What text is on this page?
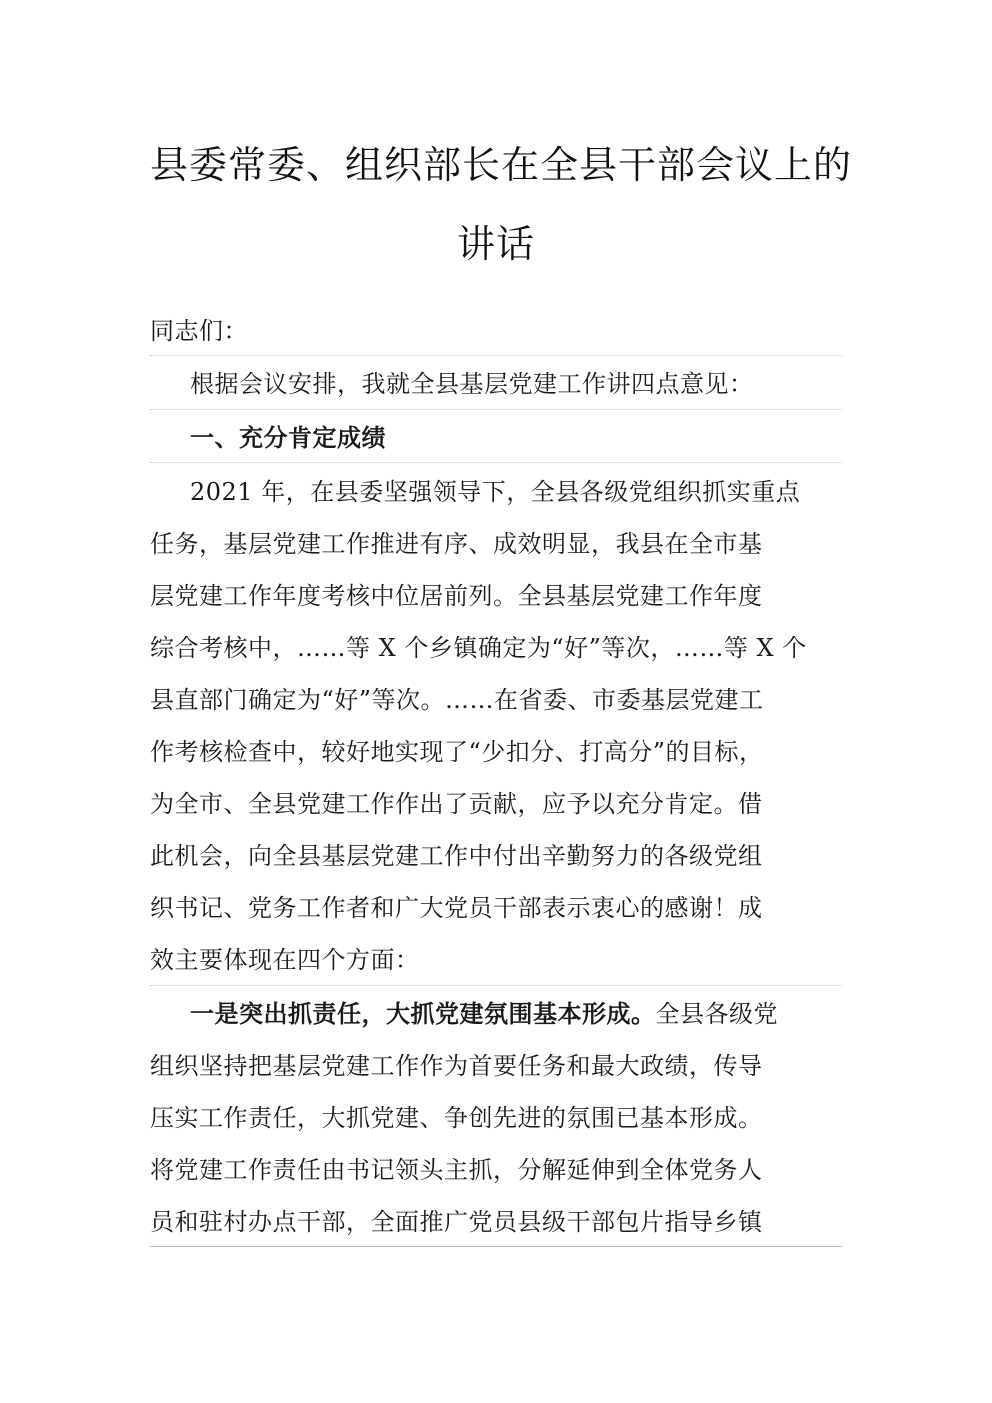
县委常委、组织部长在全县干部会议上的
讲话
同志们：
根据会议安排，我就全县基层党建工作讲四点意见：
一、充分肯定成绩
2021 年，在县委坚强领导下，全县各级党组织抓实重点
任务，基层党建工作推进有序、成效明显，我县在全市基
层党建工作年度考核中位居前列。全县基层党建工作年度
综合考核中，……等 X 个乡镇确定为“好”等次，……等 X 个
县直部门确定为“好”等次。……在省委、市委基层党建工
作考核检查中，较好地实现了“少扣分、打高分”的目标，
为全市、全县党建工作作出了贡献，应予以充分肯定。借
此机会，向全县基层党建工作中付出辛勤努力的各级党组
织书记、党务工作者和广大党员干部表示衷心的感谢！成
效主要体现在四个方面：
一是突出抓责任，大抓党建氛围基本形成。全县各级党
组织坚持把基层党建工作作为首要任务和最大政绩，传导
压实工作责任，大抓党建、争创先进的氛围已基本形成。
将党建工作责任由书记领头主抓，分解延伸到全体党务人
员和驻村办点干部，全面推广党员县级干部包片指导乡镇
